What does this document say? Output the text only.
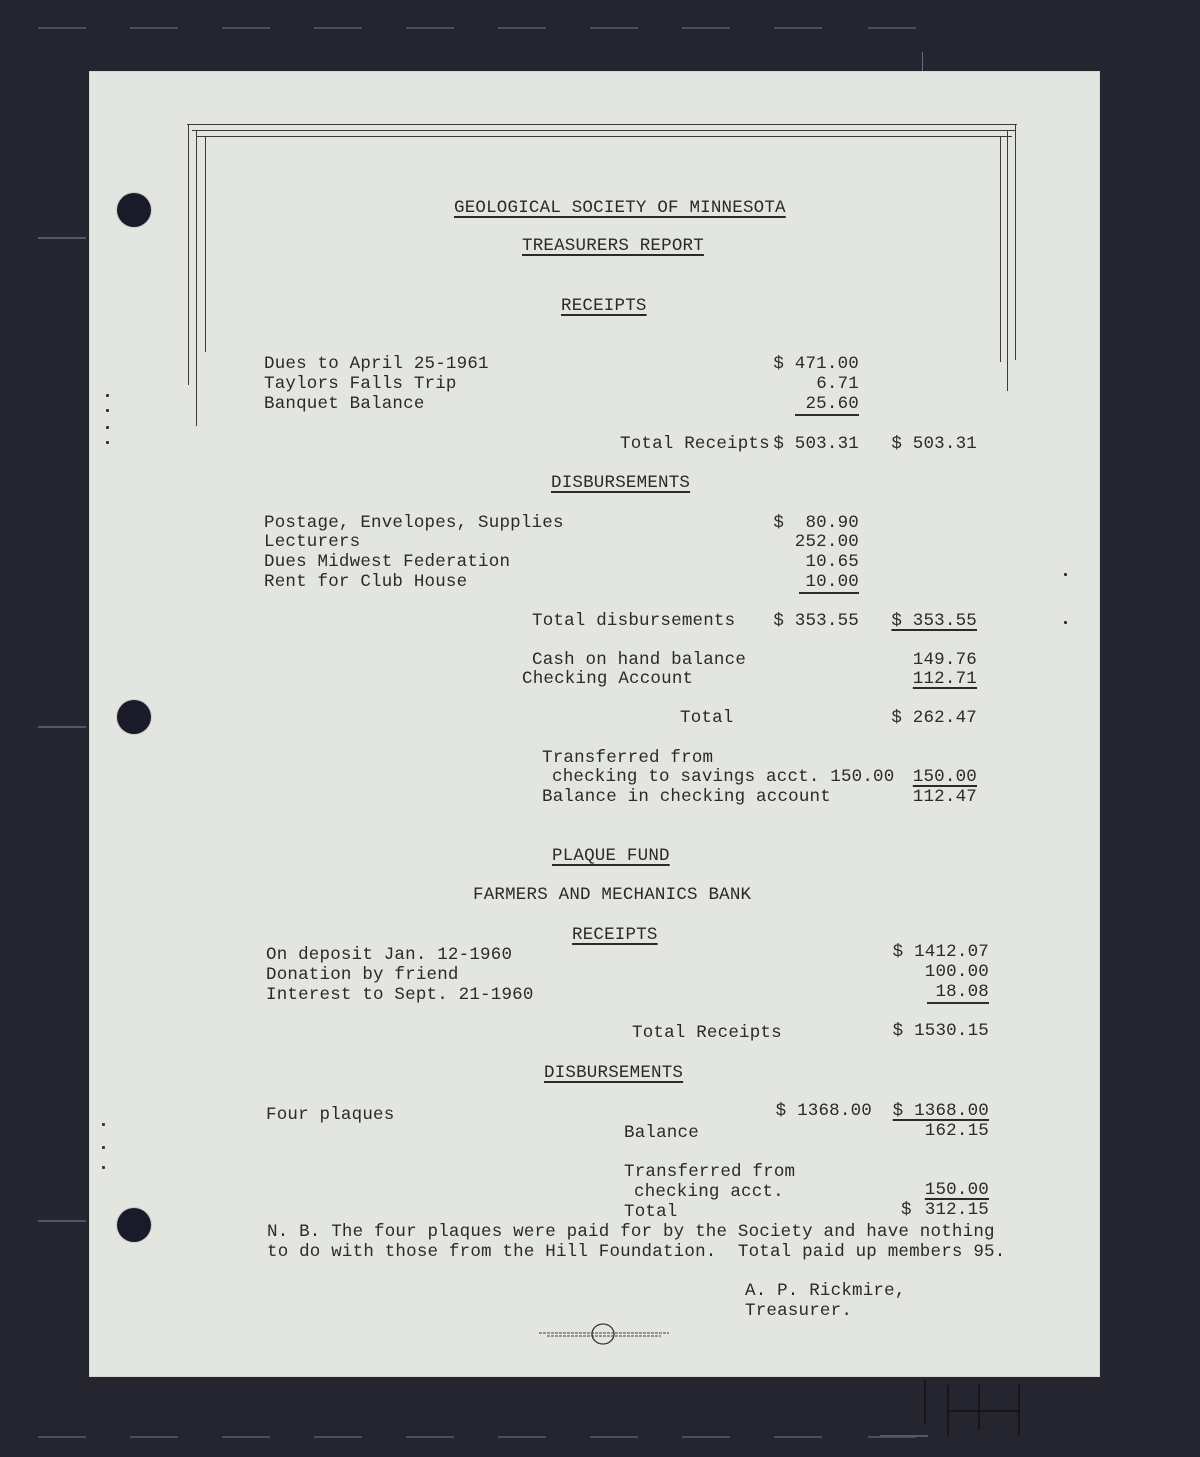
GEOLOGICAL SOCIETY OF MINNESOTA
TREASURERS REPORT
RECEIPTS
Dues to April 25-1961	$ 471.00
Taylors Falls Trip	6.71
Banquet Balance	25.60
Total Receipts $ 503.31	$ 503.31
DISBURSEMENTS
Postage, Envelopes, Supplies	$  80.90
Lecturers	252.00
Dues Midwest Federation	10.65
Rent for Club House	10.00
Total disbursements	$ 353.55	$ 353.55
Cash on hand balance	149.76
Checking Account	112.71
Total	$ 262.47
Transferred from
checking to savings acct. 150.00	150.00
Balance in checking account	112.47
PLAQUE FUND
FARMERS AND MECHANICS BANK
RECEIPTS
On deposit Jan. 12-1960	$ 1412.07
Donation by friend	100.00
Interest to Sept. 21-1960	18.08
Total Receipts	$ 1530.15
DISBURSEMENTS
Four plaques	$ 1368.00	$ 1368.00
Balance	162.15
Transferred from
checking acct.	150.00
Total	$ 312.15
N. B. The four plaques were paid for by the Society and have nothing
to do with those from the Hill Foundation.  Total paid up members 95.
A. P. Rickmire,
Treasurer.
